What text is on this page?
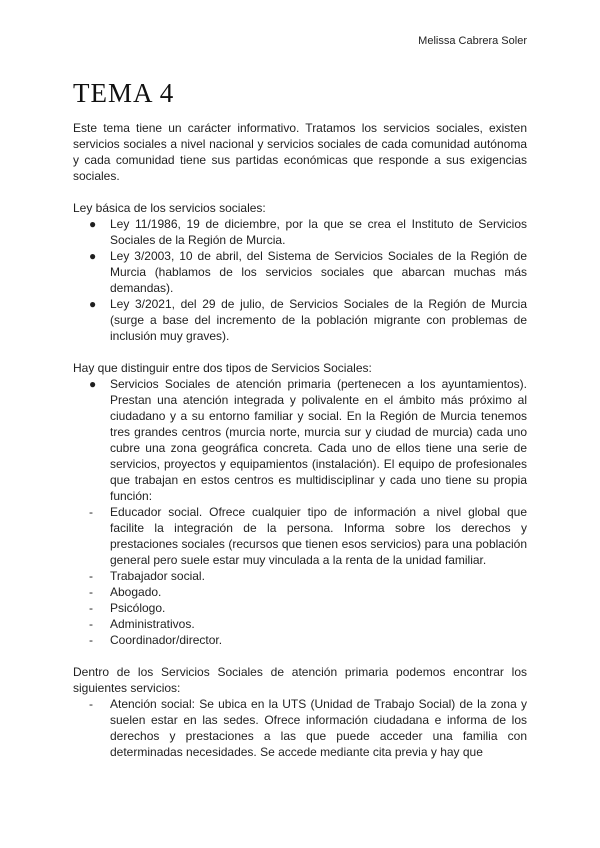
Melissa Cabrera Soler
TEMA 4

Este tema tiene un carácter informativo. Tratamos los servicios sociales, existen servicios sociales a nivel nacional y servicios sociales de cada comunidad autónoma y cada comunidad tiene sus partidas económicas que responde a sus exigencias sociales.

Ley básica de los servicios sociales:

●	Ley 11/1986, 19 de diciembre, por la que se crea el Instituto de Servicios Sociales de la Región de Murcia.
●	Ley 3/2003, 10 de abril, del Sistema de Servicios Sociales de la Región de Murcia (hablamos de los servicios sociales que abarcan muchas más demandas).
●	Ley 3/2021, del 29 de julio, de Servicios Sociales de la Región de Murcia (surge a base del incremento de la población migrante con problemas de inclusión muy graves).

Hay que distinguir entre dos tipos de Servicios Sociales:

●	Servicios Sociales de atención primaria (pertenecen a los ayuntamientos). Prestan una atención integrada y polivalente en el ámbito más próximo al ciudadano y a su entorno familiar y social. En la Región de Murcia tenemos tres grandes centros (murcia norte, murcia sur y ciudad de murcia) cada uno cubre una zona geográfica concreta. Cada uno de ellos tiene una serie de servicios, proyectos y equipamientos (instalación). El equipo de profesionales que trabajan en estos centros es multidisciplinar y cada uno tiene su propia función:
-	Educador social. Ofrece cualquier tipo de información a nivel global que facilite la integración de la persona. Informa sobre los derechos y prestaciones sociales (recursos que tienen esos servicios) para una población general pero suele estar muy vinculada a la renta de la unidad familiar.
-	Trabajador social.
-	Abogado.
-	Psicólogo.
-	Administrativos.
-	Coordinador/director.

Dentro de los Servicios Sociales de atención primaria podemos encontrar los siguientes servicios:

-	Atención social: Se ubica en la UTS (Unidad de Trabajo Social) de la zona y suelen estar en las sedes. Ofrece información ciudadana e informa de los derechos y prestaciones a las que puede acceder una familia con determinadas necesidades. Se accede mediante cita previa y hay que
